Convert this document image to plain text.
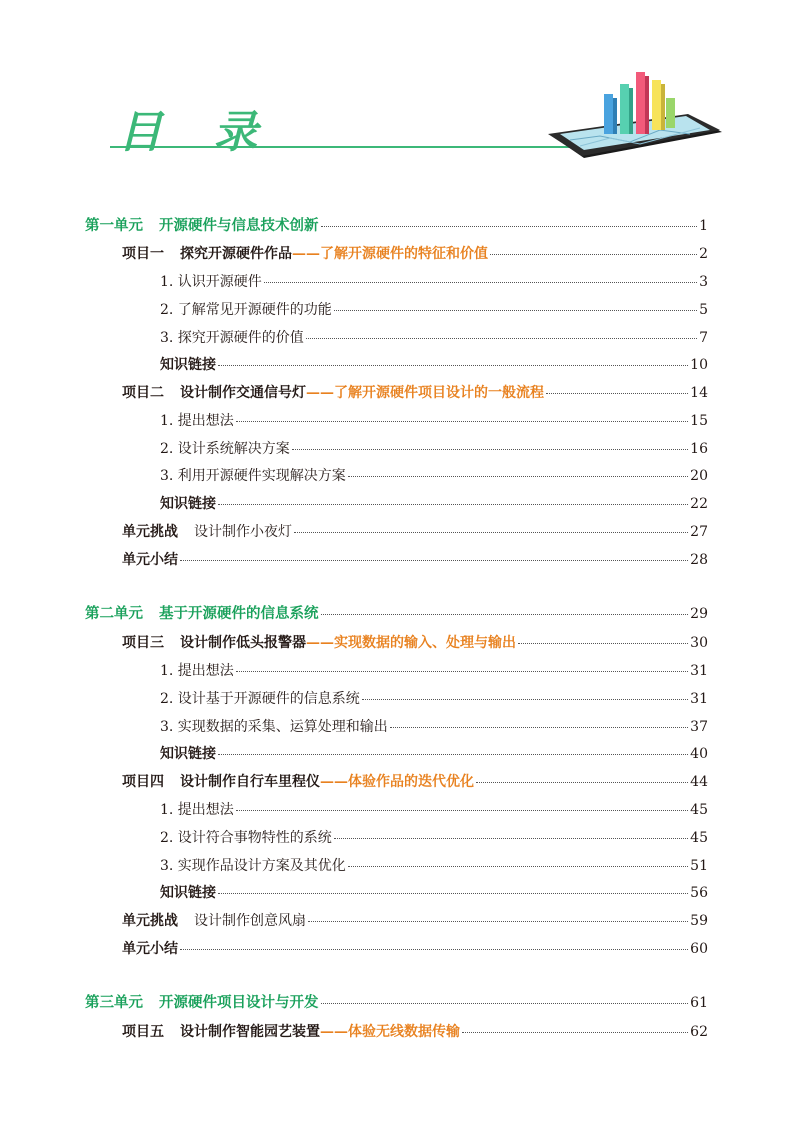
目 录
第一单元 开源硬件与信息技术创新	1
项目一 探究开源硬件作品 ——了解开源硬件的特征和价值	2
1. 认识开源硬件	3
2. 了解常见开源硬件的功能	5
3. 探究开源硬件的价值	7
知识链接	10
项目二 设计制作交通信号灯 ——了解开源硬件项目设计的一般流程	14
1. 提出想法	15
2. 设计系统解决方案	16
3. 利用开源硬件实现解决方案	20
知识链接	22
单元挑战 设计制作小夜灯	27
单元小结	28
第二单元 基于开源硬件的信息系统	29
项目三 设计制作低头报警器 ——实现数据的输入、处理与输出	30
1. 提出想法	31
2. 设计基于开源硬件的信息系统	31
3. 实现数据的采集、运算处理和输出	37
知识链接	40
项目四 设计制作自行车里程仪 ——体验作品的迭代优化	44
1. 提出想法	45
2. 设计符合事物特性的系统	45
3. 实现作品设计方案及其优化	51
知识链接	56
单元挑战 设计制作创意风扇	59
单元小结	60
第三单元 开源硬件项目设计与开发	61
项目五 设计制作智能园艺装置 ——体验无线数据传输	62
